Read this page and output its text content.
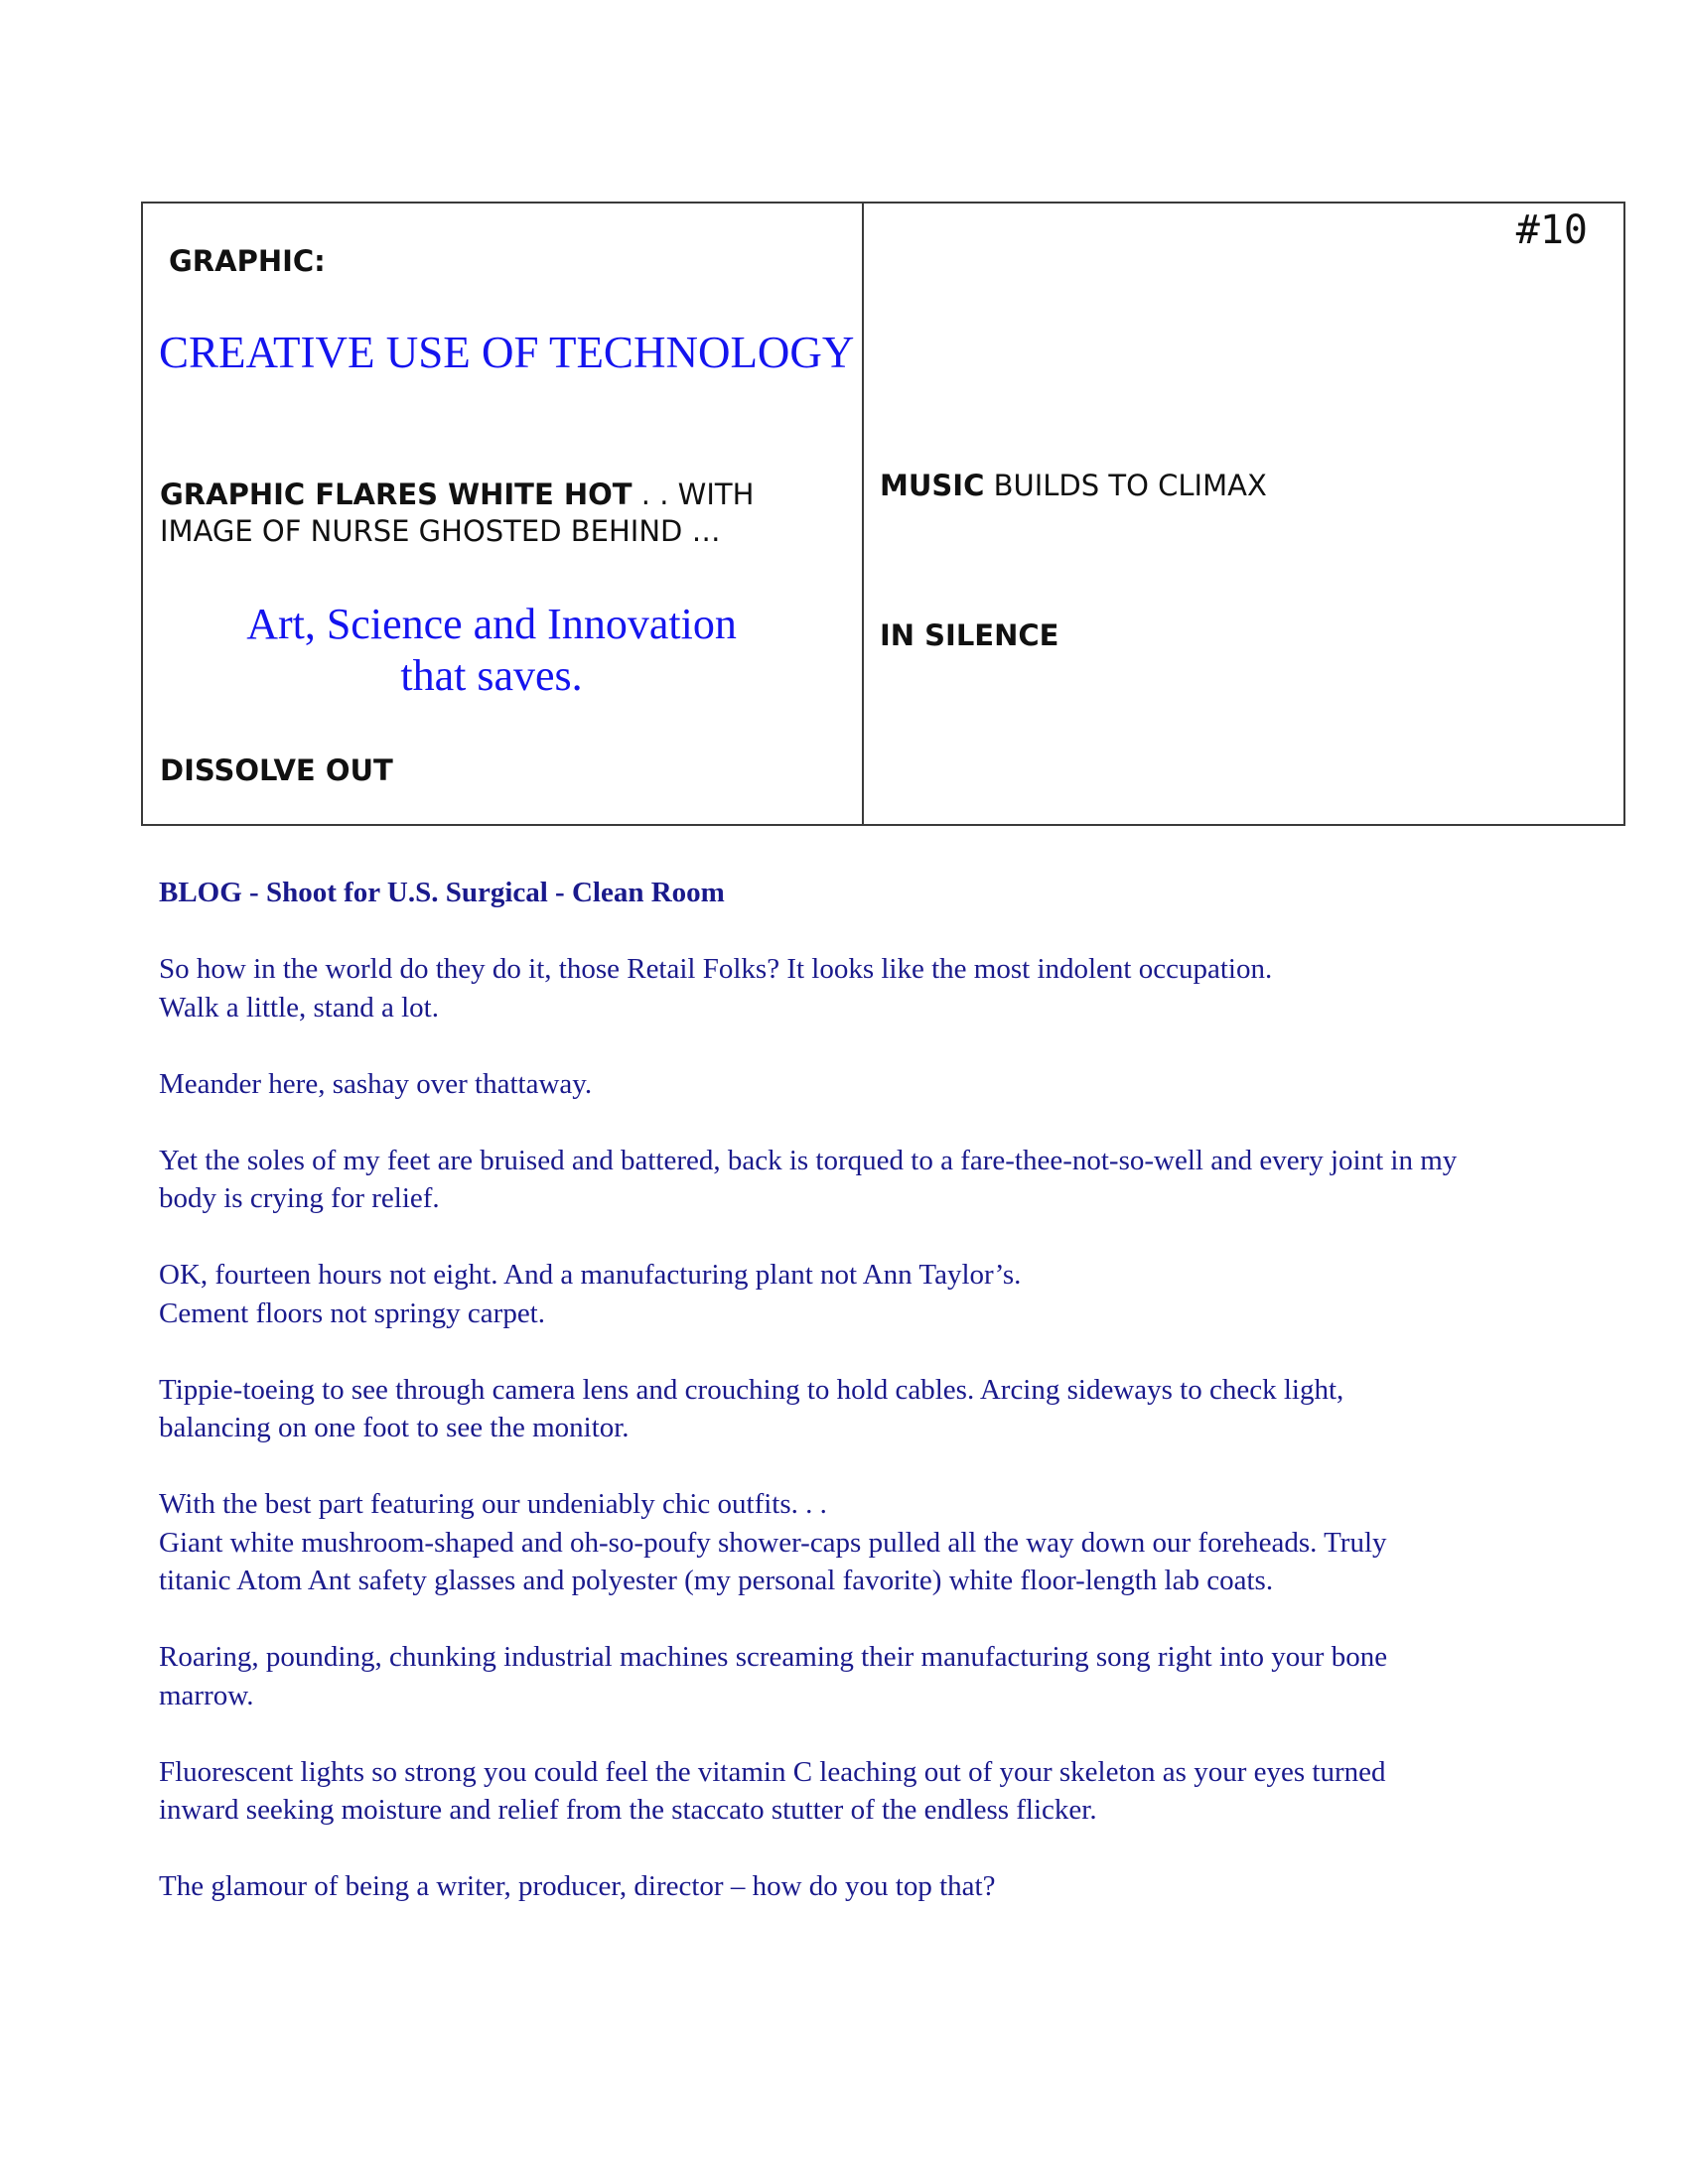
GRAPHIC:
CREATIVE USE OF TECHNOLOGY
GRAPHIC FLARES WHITE HOT . . WITH
IMAGE OF NURSE GHOSTED BEHIND …
Art, Science and Innovation
that saves.
DISSOLVE OUT
#10
MUSIC BUILDS TO CLIMAX
IN SILENCE
BLOG - Shoot for U.S. Surgical - Clean Room
So how in the world do they do it, those Retail Folks? It looks like the most indolent occupation.
Walk a little, stand a lot.
Meander here, sashay over thattaway.
Yet the soles of my feet are bruised and battered, back is torqued to a fare-thee-not-so-well and every joint in my
body is crying for relief.
OK, fourteen hours not eight. And a manufacturing plant not Ann Taylor’s.
Cement floors not springy carpet.
Tippie-toeing to see through camera lens and crouching to hold cables. Arcing sideways to check light,
balancing on one foot to see the monitor.
With the best part featuring our undeniably chic outfits. . .
Giant white mushroom-shaped and oh-so-poufy shower-caps pulled all the way down our foreheads. Truly
titanic Atom Ant safety glasses and polyester (my personal favorite) white floor-length lab coats.
Roaring, pounding, chunking industrial machines screaming their manufacturing song right into your bone
marrow.
Fluorescent lights so strong you could feel the vitamin C leaching out of your skeleton as your eyes turned
inward seeking moisture and relief from the staccato stutter of the endless flicker.
The glamour of being a writer, producer, director – how do you top that?
